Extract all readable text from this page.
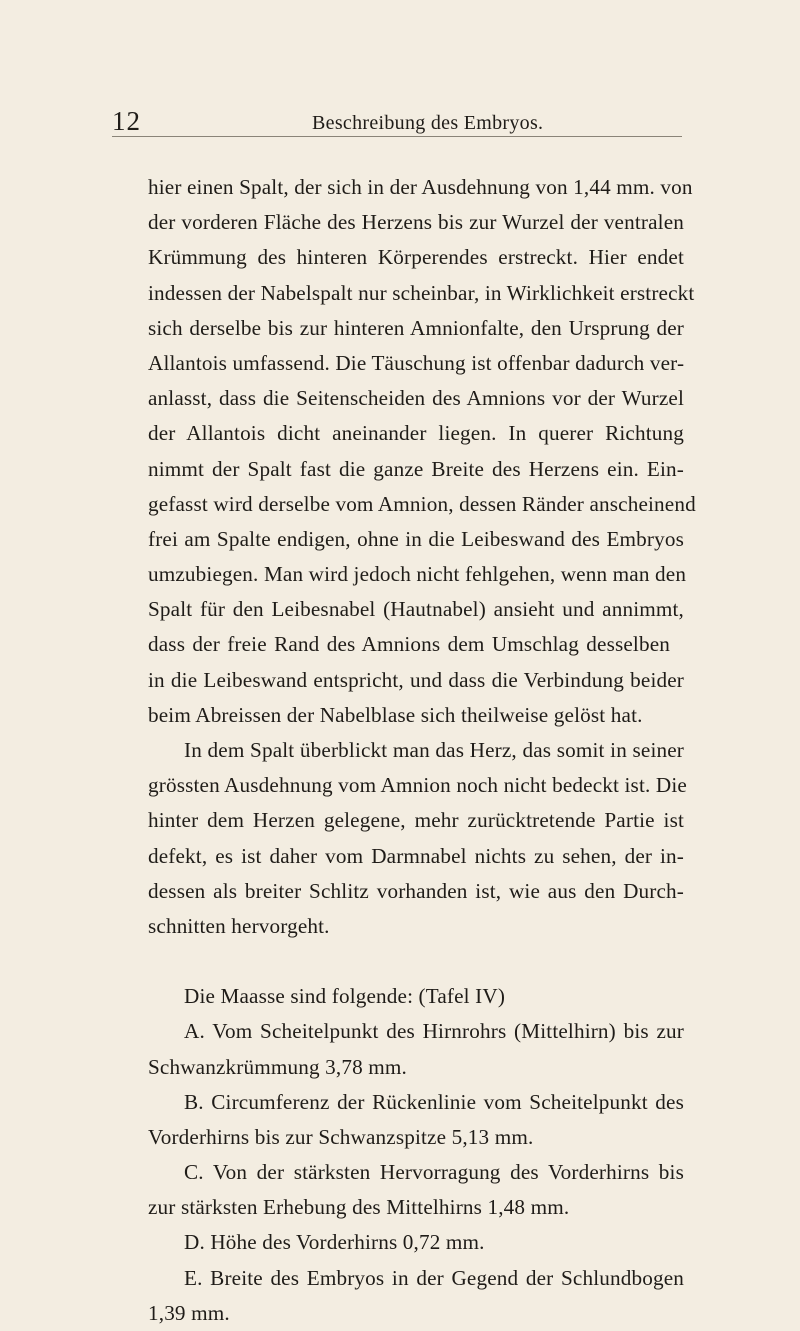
12	Beschreibung des Embryos.
hier einen Spalt, der sich in der Ausdehnung von 1,44 mm. von
der vorderen Fläche des Herzens bis zur Wurzel der ventralen
Krümmung des hinteren Körperendes erstreckt. Hier endet
indessen der Nabelspalt nur scheinbar, in Wirklichkeit erstreckt
sich derselbe bis zur hinteren Amnionfalte, den Ursprung der
Allantois umfassend. Die Täuschung ist offenbar dadurch ver-
anlasst, dass die Seitenscheiden des Amnions vor der Wurzel
der Allantois dicht aneinander liegen. In querer Richtung
nimmt der Spalt fast die ganze Breite des Herzens ein. Ein-
gefasst wird derselbe vom Amnion, dessen Ränder anscheinend
frei am Spalte endigen, ohne in die Leibeswand des Embryos
umzubiegen. Man wird jedoch nicht fehlgehen, wenn man den
Spalt für den Leibesnabel (Hautnabel) ansieht und annimmt,
dass der freie Rand des Amnions dem Umschlag desselben
in die Leibeswand entspricht, und dass die Verbindung beider
beim Abreissen der Nabelblase sich theilweise gelöst hat.
In dem Spalt überblickt man das Herz, das somit in seiner
grössten Ausdehnung vom Amnion noch nicht bedeckt ist. Die
hinter dem Herzen gelegene, mehr zurücktretende Partie ist
defekt, es ist daher vom Darmnabel nichts zu sehen, der in-
dessen als breiter Schlitz vorhanden ist, wie aus den Durch-
schnitten hervorgeht.
Die Maasse sind folgende: (Tafel IV)
A. Vom Scheitelpunkt des Hirnrohrs (Mittelhirn) bis zur
Schwanzkrümmung 3,78 mm.
B. Circumferenz der Rückenlinie vom Scheitelpunkt des
Vorderhirns bis zur Schwanzspitze 5,13 mm.
C. Von der stärksten Hervorragung des Vorderhirns bis
zur stärksten Erhebung des Mittelhirns 1,48 mm.
D. Höhe des Vorderhirns 0,72 mm.
E. Breite des Embryos in der Gegend der Schlundbogen
1,39 mm.
